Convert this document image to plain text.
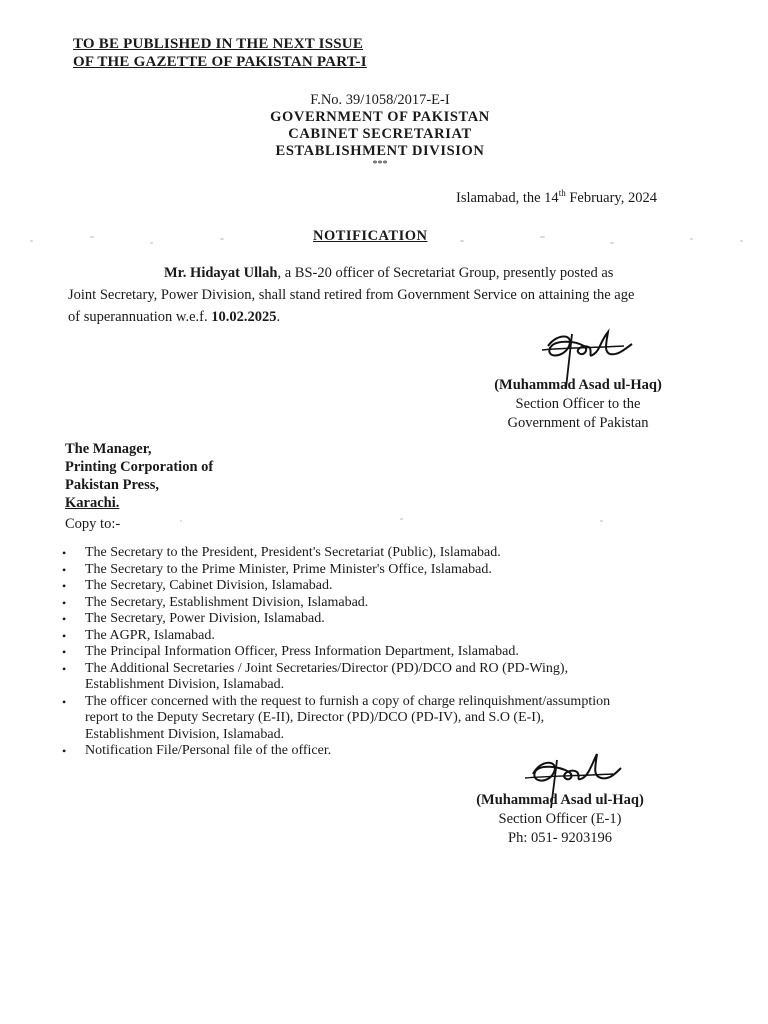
TO BE PUBLISHED IN THE NEXT ISSUE
OF THE GAZETTE OF PAKISTAN PART-I
F.No. 39/1058/2017-E-I
GOVERNMENT OF PAKISTAN
CABINET SECRETARIAT
ESTABLISHMENT DIVISION
***
Islamabad, the 14th February, 2024
NOTIFICATION

Mr. Hidayat Ullah, a BS-20 officer of Secretariat Group, presently posted as

Joint Secretary, Power Division, shall stand retired from Government Service on attaining the age

of superannuation w.e.f. 10.02.2025.

(Muhammad Asad ul-Haq)
Section Officer to the
Government of Pakistan
The Manager,
Printing Corporation of
Pakistan Press,
Karachi.
Copy to:-
• The Secretary to the President, President's Secretariat (Public), Islamabad.
• The Secretary to the Prime Minister, Prime Minister's Office, Islamabad.
• The Secretary, Cabinet Division, Islamabad.
• The Secretary, Establishment Division, Islamabad.
• The Secretary, Power Division, Islamabad.
• The AGPR, Islamabad.
• The Principal Information Officer, Press Information Department, Islamabad.
• The Additional Secretaries / Joint Secretaries/Director (PD)/DCO and RO (PD-Wing),
Establishment Division, Islamabad.
• The officer concerned with the request to furnish a copy of charge relinquishment/assumption
report to the Deputy Secretary (E-II), Director (PD)/DCO (PD-IV), and S.O (E-I),
Establishment Division, Islamabad.
• Notification File/Personal file of the officer.
(Muhammad Asad ul-Haq)
Section Officer (E-1)
Ph: 051- 9203196
